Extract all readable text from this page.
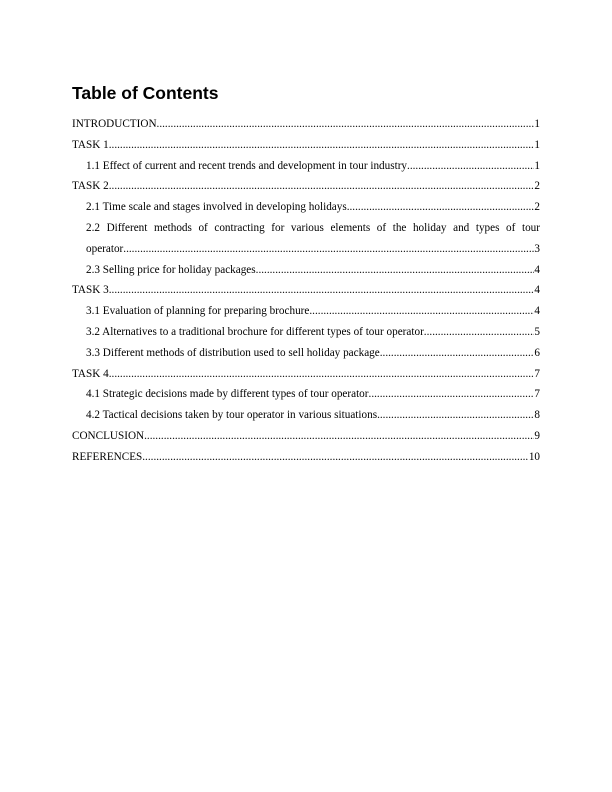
Table of Contents
INTRODUCTION .....	1
TASK 1 .....	1
1.1 Effect of current and recent trends and development in tour industry .....	1
TASK 2 .....	2
2.1 Time scale and stages involved in developing holidays .....	2
2.2 Different methods of contracting for various elements of the holiday and types of tour
operator .....	3
2.3 Selling price for holiday packages .....	4
TASK 3 .....	4
3.1 Evaluation of planning for preparing brochure .....	4
3.2 Alternatives to a traditional brochure for different types of tour operator .....	5
3.3 Different methods of distribution used to sell holiday package .....	6
TASK 4 .....	7
4.1 Strategic decisions made by different types of tour operator .....	7
4.2 Tactical decisions taken by tour operator in various situations .....	8
CONCLUSION .....	9
REFERENCES .....	10
